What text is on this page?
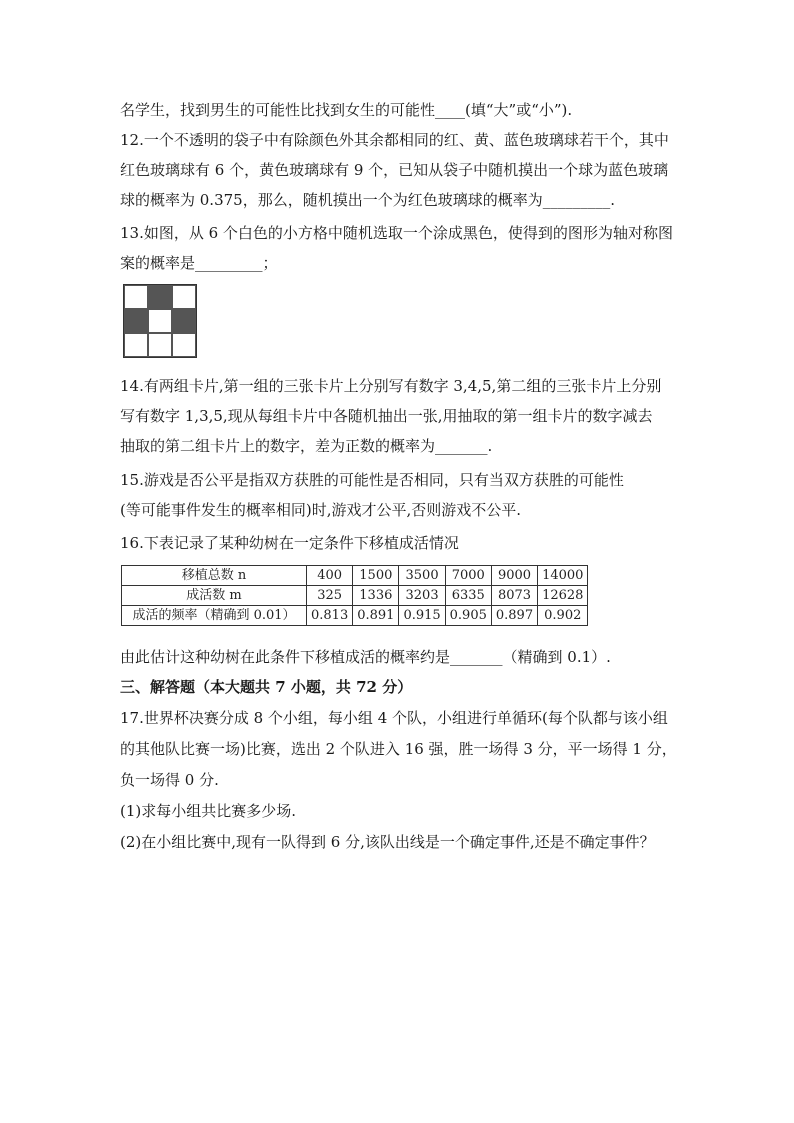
名学生，找到男生的可能性比找到女生的可能性____(填“大”或“小”).
12.一个不透明的袋子中有除颜色外其余都相同的红、黄、蓝色玻璃球若干个，其中
红色玻璃球有 6 个，黄色玻璃球有 9 个，已知从袋子中随机摸出一个球为蓝色玻璃
球的概率为 0.375，那么，随机摸出一个为红色玻璃球的概率为_________.
13.如图，从 6 个白色的小方格中随机选取一个涂成黑色，使得到的图形为轴对称图
案的概率是_________；
14.有两组卡片,第一组的三张卡片上分别写有数字 3,4,5,第二组的三张卡片上分别
写有数字 1,3,5,现从每组卡片中各随机抽出一张,用抽取的第一组卡片的数字减去
抽取的第二组卡片上的数字，差为正数的概率为_______.
15.游戏是否公平是指双方获胜的可能性是否相同，只有当双方获胜的可能性
(等可能事件发生的概率相同)时,游戏才公平,否则游戏不公平.
16.下表记录了某种幼树在一定条件下移植成活情况
移植总数 n	400	1500	3500	7000	9000	14000
成活数 m	325	1336	3203	6335	8073	12628
成活的频率（精确到 0.01）	0.813	0.891	0.915	0.905	0.897	0.902
由此估计这种幼树在此条件下移植成活的概率约是_______（精确到 0.1）.
三、解答题（本大题共 7 小题，共 72 分）
17.世界杯决赛分成 8 个小组，每小组 4 个队，小组进行单循环(每个队都与该小组
的其他队比赛一场)比赛，选出 2 个队进入 16 强，胜一场得 3 分，平一场得 1 分，
负一场得 0 分.
(1)求每小组共比赛多少场.
(2)在小组比赛中,现有一队得到 6 分,该队出线是一个确定事件,还是不确定事件？
